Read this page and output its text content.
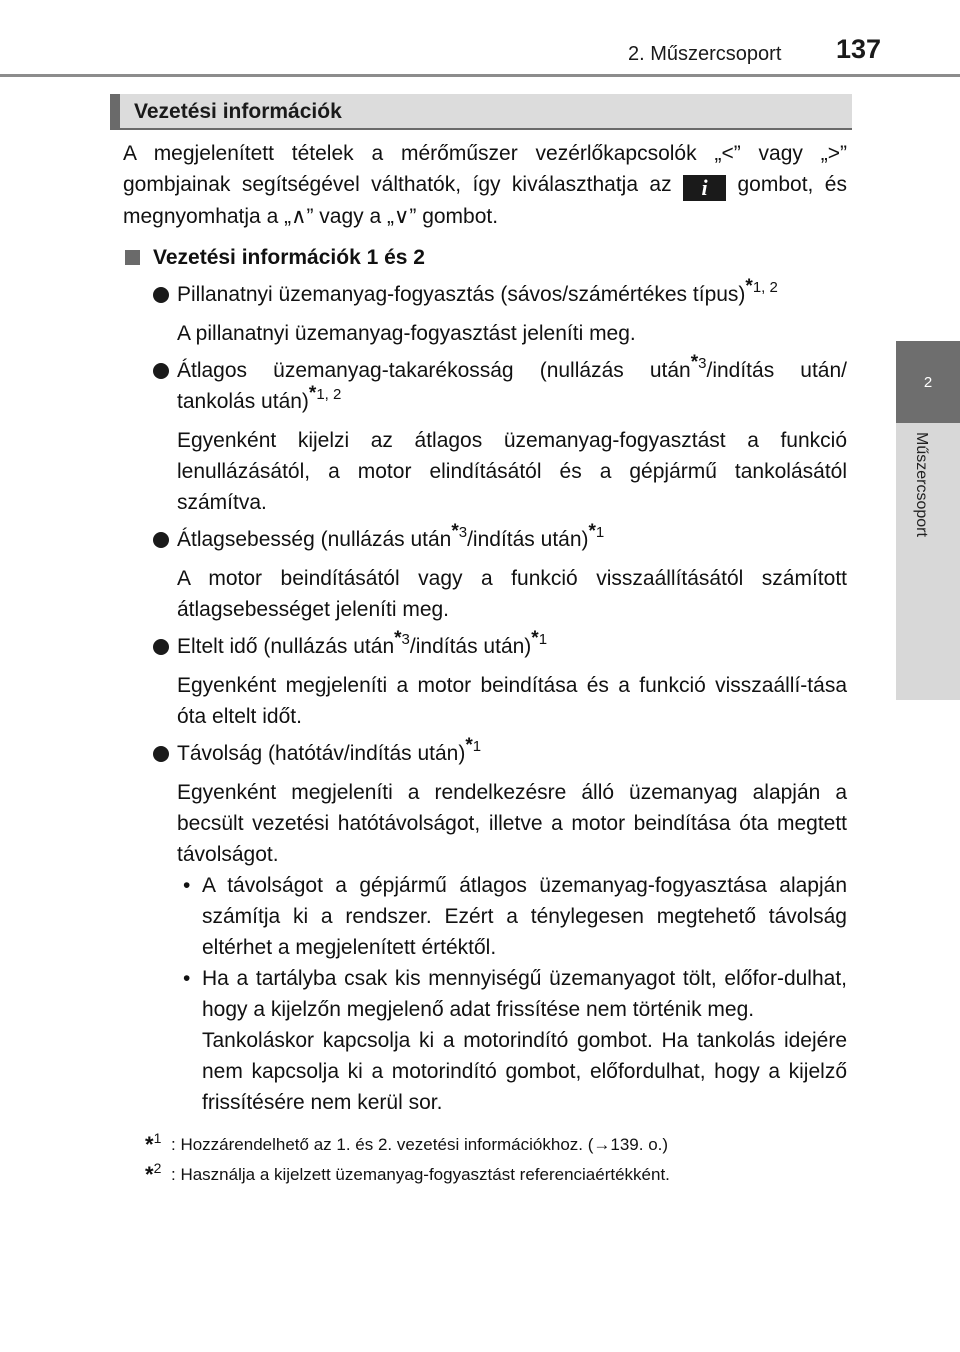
2. Műszercsoport 137
2
Műszercsoport
Vezetési információk

A megjelenített tételek a mérőműszer vezérlőkapcsolók „<” vagy „>” gombjainak segítségével válthatók, így kiválaszthatja az i gombot, és megnyomhatja a „∧” vagy a „∨” gombot.

Vezetési információk 1 és 2

Pillanatnyi üzemanyag-fogyasztás (sávos/számértékes típus)$^{*1, 2}$

A pillanatnyi üzemanyag-fogyasztást jeleníti meg.

Átlagos üzemanyag-takarékosság (nullázás után$^{*3}$/indítás után/ tankolás után)$^{*1, 2}$

Egyenként kijelzi az átlagos üzemanyag-fogyasztást a funkció lenullázásától, a motor elindításától és a gépjármű tankolásától számítva.

Átlagsebesség (nullázás után$^{*3}$/indítás után)$^{*1}$

A motor beindításától vagy a funkció visszaállításától számított átlagsebességet jeleníti meg.

Eltelt idő (nullázás után$^{*3}$/indítás után)$^{*1}$

Egyenként megjeleníti a motor beindítása és a funkció visszaállí-tása óta eltelt időt.

Távolság (hatótáv/indítás után)$^{*1}$

Egyenként megjeleníti a rendelkezésre álló üzemanyag alapján a becsült vezetési hatótávolságot, illetve a motor beindítása óta megtett távolságot.

• A távolságot a gépjármű átlagos üzemanyag-fogyasztása alapján számítja ki a rendszer. Ezért a ténylegesen megtehető távolság eltérhet a megjelenített értéktől.

• Ha a tartályba csak kis mennyiségű üzemanyagot tölt, előfor-dulhat, hogy a kijelzőn megjelenő adat frissítése nem történik meg.

Tankoláskor kapcsolja ki a motorindító gombot. Ha tankolás idejére nem kapcsolja ki a motorindító gombot, előfordulhat, hogy a kijelző frissítésére nem kerül sor.

*$^1$ : Hozzárendelhető az 1. és 2. vezetési információkhoz. (→139. o.)

*$^2$ : Használja a kijelzett üzemanyag-fogyasztást referenciaértékként.
